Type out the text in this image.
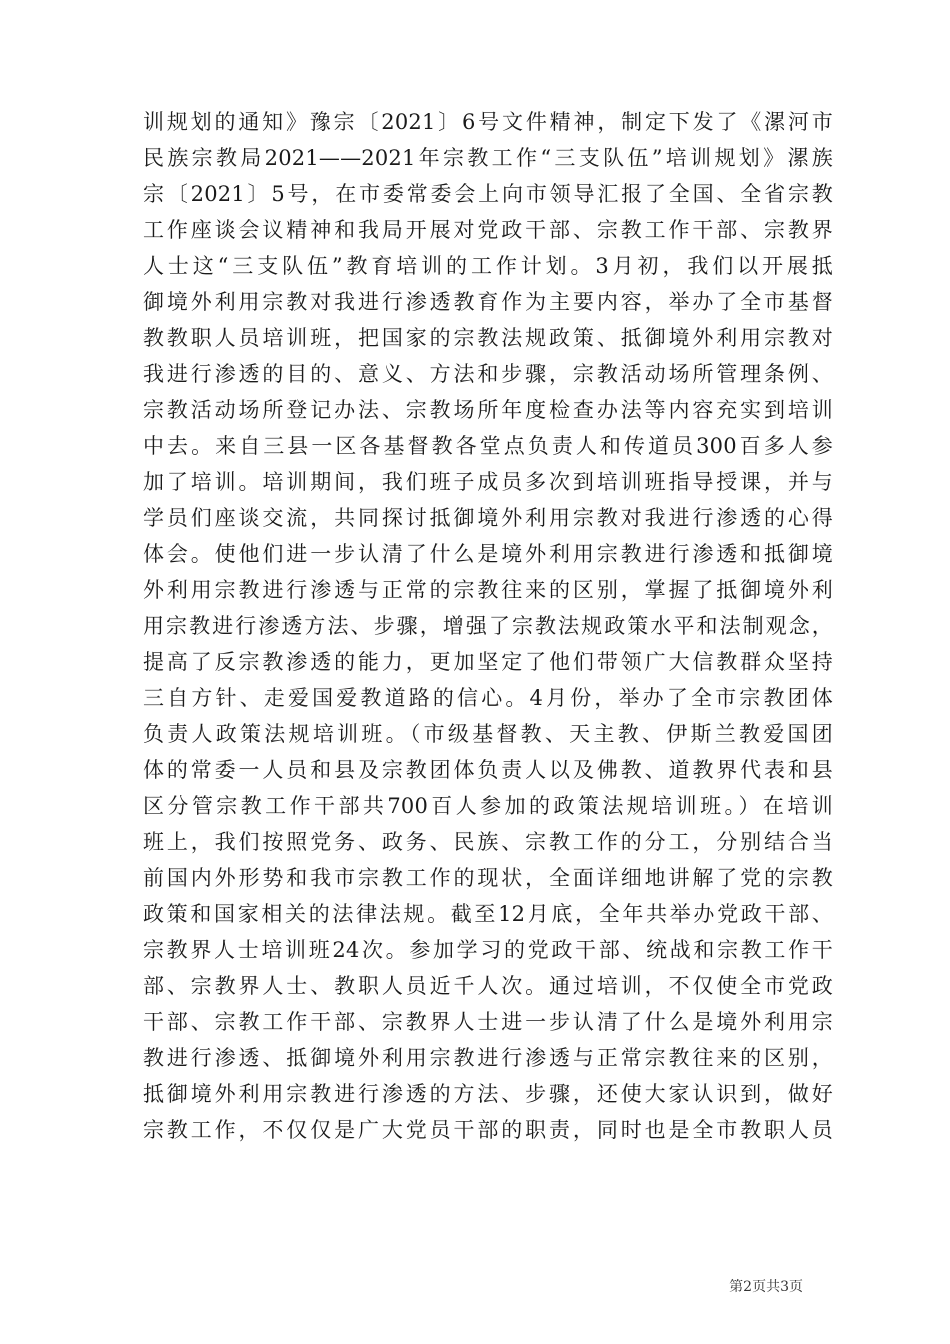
训规划的通知》豫宗〔2021〕6号文件精神，制定下发了《漯河市
民族宗教局2021——2021年宗教工作“三支队伍”培训规划》漯族
宗〔2021〕5号，在市委常委会上向市领导汇报了全国、全省宗教
工作座谈会议精神和我局开展对党政干部、宗教工作干部、宗教界
人士这“三支队伍”教育培训的工作计划。3月初，我们以开展抵
御境外利用宗教对我进行渗透教育作为主要内容，举办了全市基督
教教职人员培训班，把国家的宗教法规政策、抵御境外利用宗教对
我进行渗透的目的、意义、方法和步骤，宗教活动场所管理条例、
宗教活动场所登记办法、宗教场所年度检查办法等内容充实到培训
中去。来自三县一区各基督教各堂点负责人和传道员300百多人参
加了培训。培训期间，我们班子成员多次到培训班指导授课，并与
学员们座谈交流，共同探讨抵御境外利用宗教对我进行渗透的心得
体会。使他们进一步认清了什么是境外利用宗教进行渗透和抵御境
外利用宗教进行渗透与正常的宗教往来的区别，掌握了抵御境外利
用宗教进行渗透方法、步骤，增强了宗教法规政策水平和法制观念，
提高了反宗教渗透的能力，更加坚定了他们带领广大信教群众坚持
三自方针、走爱国爱教道路的信心。4月份，举办了全市宗教团体
负责人政策法规培训班。（市级基督教、天主教、伊斯兰教爱国团
体的常委一人员和县及宗教团体负责人以及佛教、道教界代表和县
区分管宗教工作干部共700百人参加的政策法规培训班。）在培训
班上，我们按照党务、政务、民族、宗教工作的分工，分别结合当
前国内外形势和我市宗教工作的现状，全面详细地讲解了党的宗教
政策和国家相关的法律法规。截至12月底，全年共举办党政干部、
宗教界人士培训班24次。参加学习的党政干部、统战和宗教工作干
部、宗教界人士、教职人员近千人次。通过培训，不仅使全市党政
干部、宗教工作干部、宗教界人士进一步认清了什么是境外利用宗
教进行渗透、抵御境外利用宗教进行渗透与正常宗教往来的区别，
抵御境外利用宗教进行渗透的方法、步骤，还使大家认识到，做好
宗教工作，不仅仅是广大党员干部的职责，同时也是全市教职人员
第2页共3页
